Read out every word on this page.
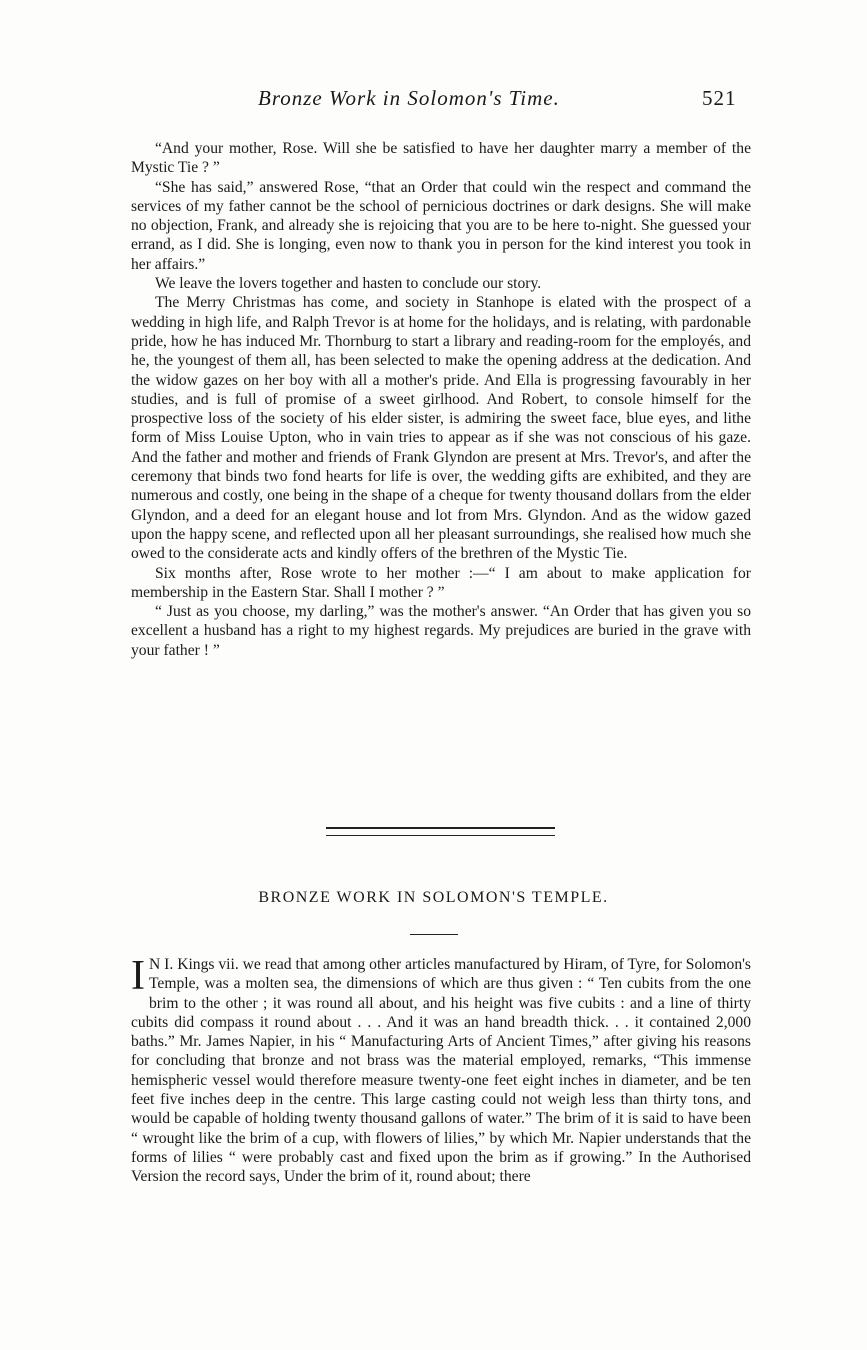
Bronze Work in Solomon's Time.	521

“And your mother, Rose. Will she be satisfied to have her daughter marry a member of the Mystic Tie ? ”

“She has said,” answered Rose, “that an Order that could win the respect and command the services of my father cannot be the school of pernicious doctrines or dark designs. She will make no objection, Frank, and already she is rejoicing that you are to be here to-night. She guessed your errand, as I did. She is longing, even now to thank you in person for the kind interest you took in her affairs.”

We leave the lovers together and hasten to conclude our story.

The Merry Christmas has come, and society in Stanhope is elated with the prospect of a wedding in high life, and Ralph Trevor is at home for the holidays, and is relating, with pardonable pride, how he has induced Mr. Thornburg to start a library and reading-room for the employés, and he, the youngest of them all, has been selected to make the opening address at the dedication. And the widow gazes on her boy with all a mother's pride. And Ella is progressing favourably in her studies, and is full of promise of a sweet girlhood. And Robert, to console himself for the prospective loss of the society of his elder sister, is admiring the sweet face, blue eyes, and lithe form of Miss Louise Upton, who in vain tries to appear as if she was not conscious of his gaze. And the father and mother and friends of Frank Glyndon are present at Mrs. Trevor's, and after the ceremony that binds two fond hearts for life is over, the wedding gifts are exhibited, and they are numerous and costly, one being in the shape of a cheque for twenty thousand dollars from the elder Glyndon, and a deed for an elegant house and lot from Mrs. Glyndon. And as the widow gazed upon the happy scene, and reflected upon all her pleasant surroundings, she realised how much she owed to the considerate acts and kindly offers of the brethren of the Mystic Tie.

Six months after, Rose wrote to her mother :—“ I am about to make application for membership in the Eastern Star. Shall I mother ? ”

“ Just as you choose, my darling,” was the mother's answer. “An Order that has given you so excellent a husband has a right to my highest regards. My prejudices are buried in the grave with your father ! ”

BRONZE WORK IN SOLOMON'S TEMPLE.

I N I. Kings vii. we read that among other articles manufactured by Hiram, of Tyre, for Solomon's Temple, was a molten sea, the dimensions of which are thus given : “ Ten cubits from the one brim to the other ; it was round all about, and his height was five cubits : and a line of thirty cubits did compass it round about . . . And it was an hand breadth thick. . . it contained 2,000 baths.” Mr. James Napier, in his “ Manufacturing Arts of Ancient Times,” after giving his reasons for concluding that bronze and not brass was the material employed, remarks, “This immense hemispheric vessel would therefore measure twenty-one feet eight inches in diameter, and be ten feet five inches deep in the centre. This large casting could not weigh less than thirty tons, and would be capable of holding twenty thousand gallons of water.” The brim of it is said to have been “ wrought like the brim of a cup, with flowers of lilies,” by which Mr. Napier understands that the forms of lilies “ were probably cast and fixed upon the brim as if growing.” In the Authorised Version the record says, Under the brim of it, round about; there
